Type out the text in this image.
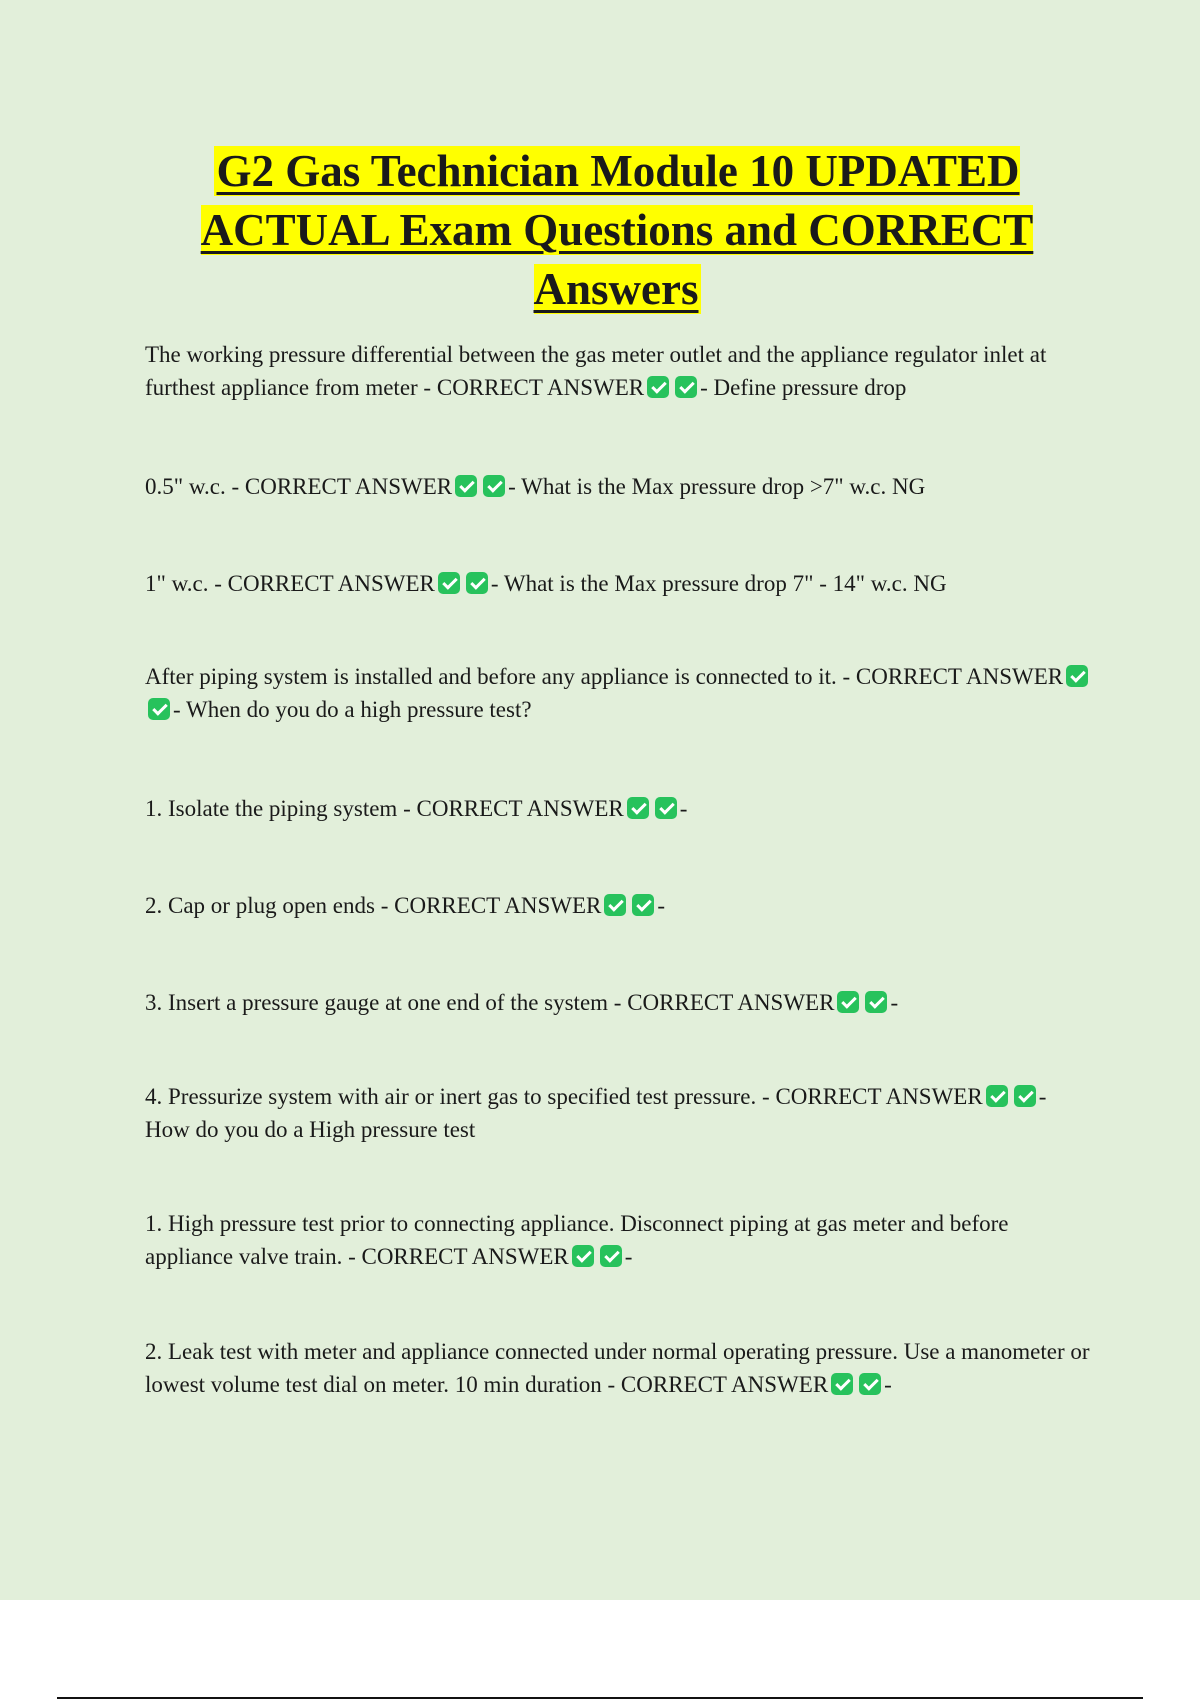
G2 Gas Technician Module 10 UPDATED ACTUAL Exam Questions and CORRECT Answers

The working pressure differential between the gas meter outlet and the appliance regulator inlet at furthest appliance from meter - CORRECT ANSWER - Define pressure drop

0.5" w.c. - CORRECT ANSWER - What is the Max pressure drop >7" w.c. NG

1" w.c. - CORRECT ANSWER - What is the Max pressure drop 7" - 14" w.c. NG

After piping system is installed and before any appliance is connected to it. - CORRECT ANSWER- When do you do a high pressure test?

1. Isolate the piping system - CORRECT ANSWER -

2. Cap or plug open ends - CORRECT ANSWER -

3. Insert a pressure gauge at one end of the system - CORRECT ANSWER -

4. Pressurize system with air or inert gas to specified test pressure. - CORRECT ANSWER - How do you do a High pressure test

1. High pressure test prior to connecting appliance. Disconnect piping at gas meter and before appliance valve train. - CORRECT ANSWER -

2. Leak test with meter and appliance connected under normal operating pressure. Use a manometer or lowest volume test dial on meter. 10 min duration - CORRECT ANSWER -
